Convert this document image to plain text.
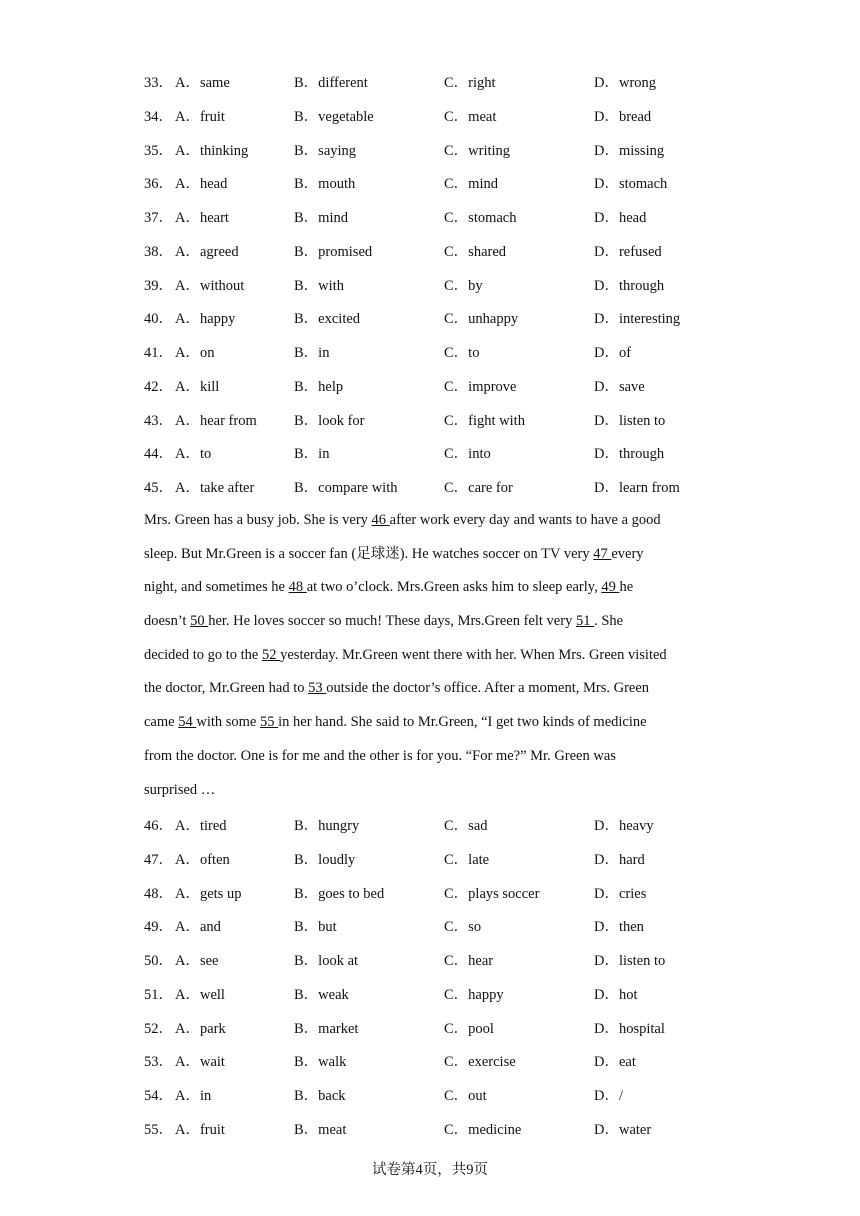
33． A．same	B．different	C．right	D．wrong
34． A．fruit	B．vegetable	C．meat	D．bread
35． A．thinking	B．saying	C．writing	D．missing
36． A．head	B．mouth	C．mind	D．stomach
37． A．heart	B．mind	C．stomach	D．head
38． A．agreed	B．promised	C．shared	D．refused
39． A．without	B．with	C．by	D．through
40． A．happy	B．excited	C．unhappy	D．interesting
41． A．on	B．in	C．to	D．of
42． A．kill	B．help	C．improve	D．save
43． A．hear from	B．look for	C．fight with	D．listen to
44． A．to	B．in	C．into	D．through
45． A．take after	B．compare with	C．care for	D．learn from
Mrs. Green has a busy job. She is very 46 after work every day and wants to have a good
sleep. But Mr.Green is a soccer fan (足球迷). He watches soccer on TV very 47 every
night, and sometimes he 48 at two o’clock. Mrs.Green asks him to sleep early, 49 he
doesn’t 50 her. He loves soccer so much! These days, Mrs.Green felt very 51 . She
decided to go to the 52 yesterday. Mr.Green went there with her. When Mrs. Green visited
the doctor, Mr.Green had to 53 outside the doctor’s office. After a moment, Mrs. Green
came 54 with some 55 in her hand. She said to Mr.Green, “I get two kinds of medicine
from the doctor. One is for me and the other is for you. “For me?” Mr. Green was
surprised …
46． A．tired	B．hungry	C．sad	D．heavy
47． A．often	B．loudly	C．late	D．hard
48． A．gets up	B．goes to bed	C．plays soccer	D．cries
49． A．and	B．but	C．so	D．then
50． A．see	B．look at	C．hear	D．listen to
51． A．well	B．weak	C．happy	D．hot
52． A．park	B．market	C．pool	D．hospital
53． A．wait	B．walk	C．exercise	D．eat
54． A．in	B．back	C．out	D．/
55． A．fruit	B．meat	C．medicine	D．water
试卷第4页，共9页
